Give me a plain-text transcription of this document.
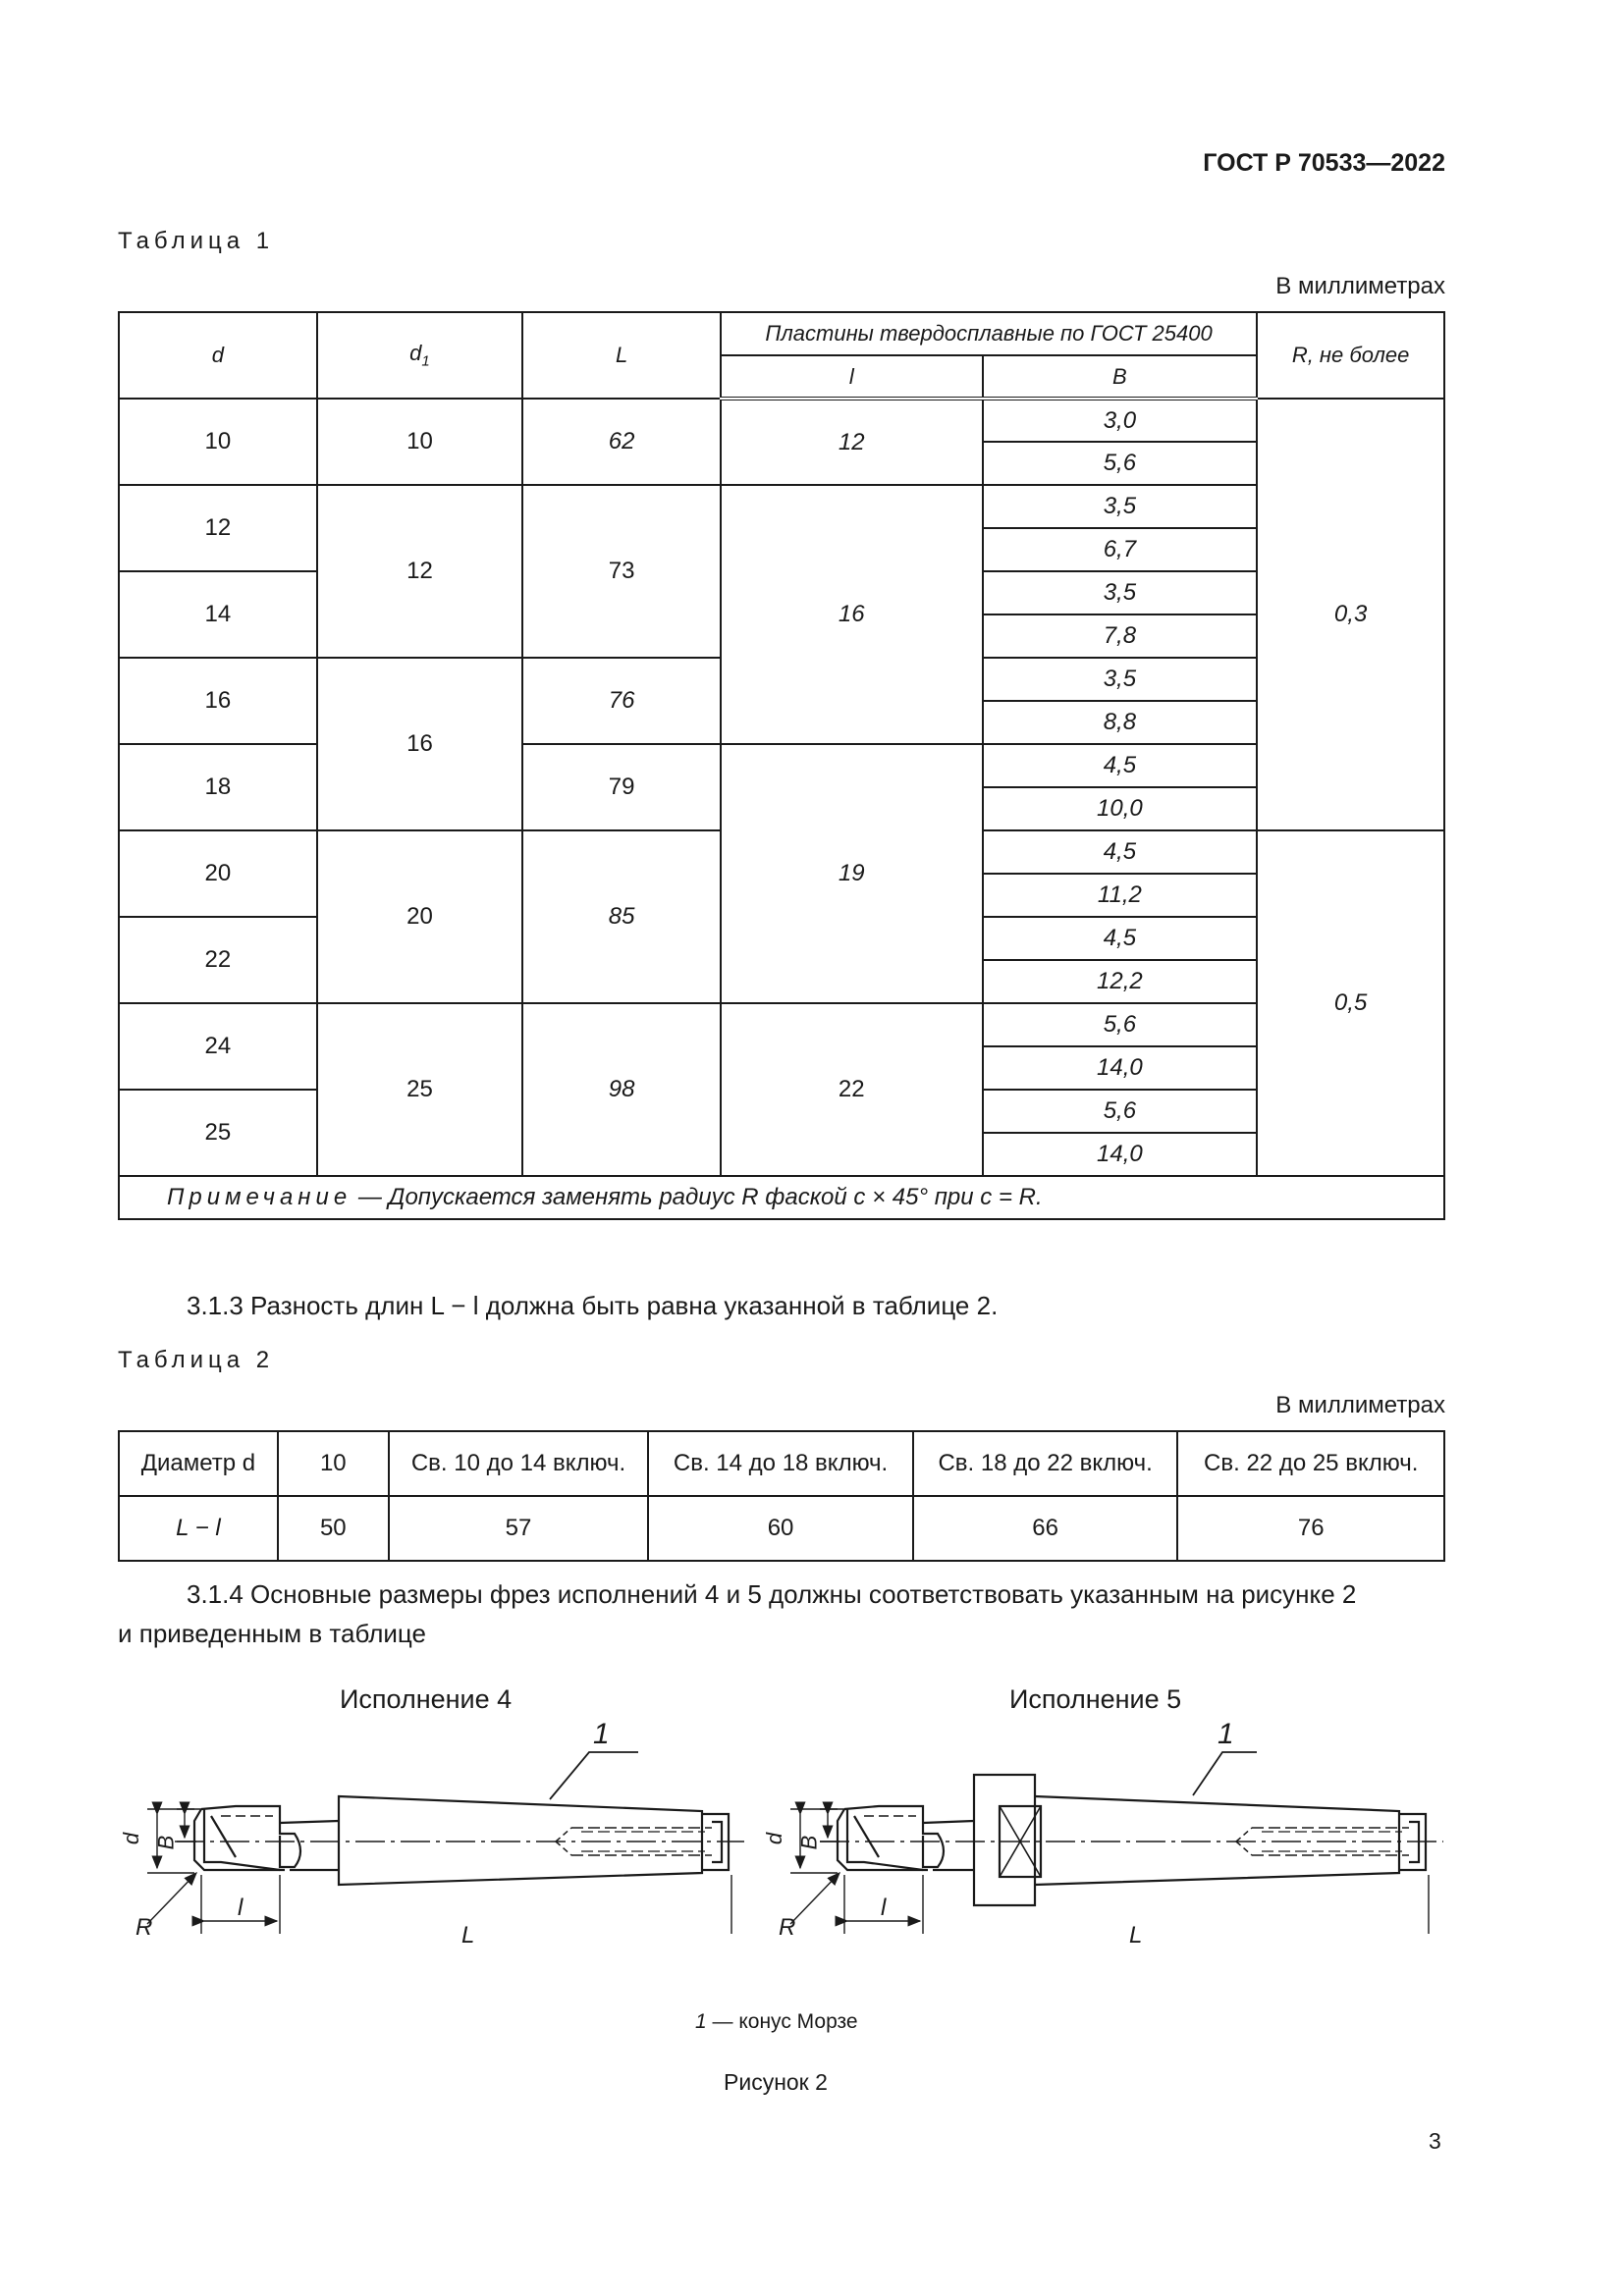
ГОСТ Р 70533—2022
Таблица 1
В миллиметрах
d	$d_1$	L	Пластины твердосплавные по ГОСТ 25400		R, не более
			l	B	
10	10	62	12	3,0	0,3
				5,6	
12	12	73	16	3,5	
				6,7	
14				3,5	
				7,8	
16	16	76		3,5	
				8,8	
18		79	19	4,5	
				10,0	
20	20	85		4,5	0,5
				11,2	
22				4,5	
				12,2	
24	25	98	22	5,6	
				14,0	
25				5,6	
				14,0	
Примечание — Допускается заменять радиус R фаской c × 45° при c = R.					
3.1.3 Разность длин L − l должна быть равна указанной в таблице 2.
Таблица 2
В миллиметрах
Диаметр d	10	Св. 10 до 14 включ.	Св. 14 до 18 включ.	Св. 18 до 22 включ.	Св. 22 до 25 включ.
L − l	50	57	60	66	76
3.1.4 Основные размеры фрез исполнений 4 и 5 должны соответствовать указанным на рисунке 2
и приведенным в таблице
Исполнение 4	Исполнение 5
1	1
d B
R
l
L
d B
R
l
L
1 — конус Морзе
Рисунок 2
3
